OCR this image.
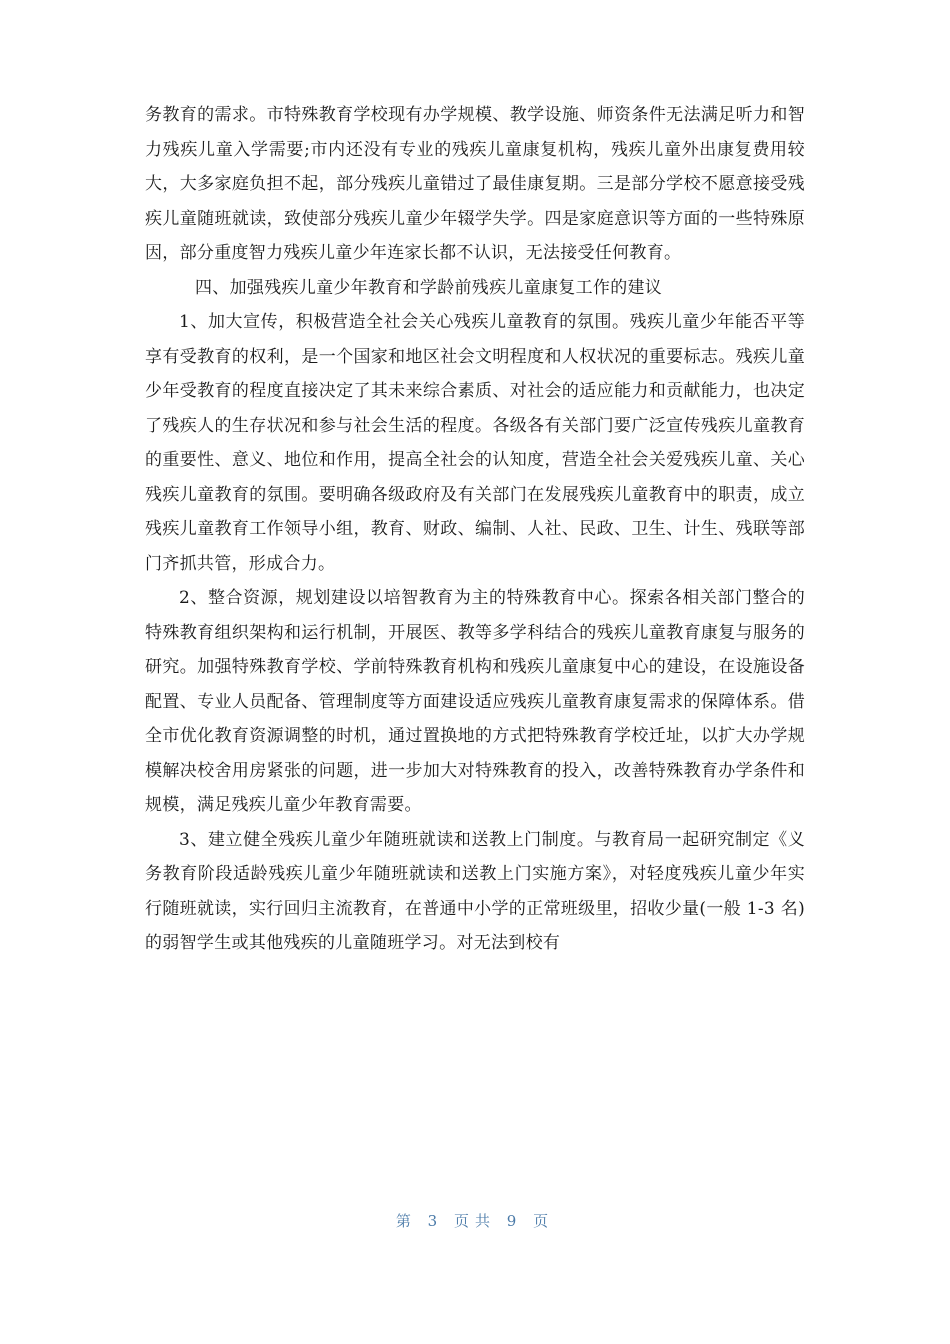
务教育的需求。市特殊教育学校现有办学规模、教学设施、师资条件无法满足听力和智力残疾儿童入学需要;市内还没有专业的残疾儿童康复机构，残疾儿童外出康复费用较大，大多家庭负担不起，部分残疾儿童错过了最佳康复期。三是部分学校不愿意接受残疾儿童随班就读，致使部分残疾儿童少年辍学失学。四是家庭意识等方面的一些特殊原因，部分重度智力残疾儿童少年连家长都不认识，无法接受任何教育。

四、加强残疾儿童少年教育和学龄前残疾儿童康复工作的建议

1、加大宣传，积极营造全社会关心残疾儿童教育的氛围。残疾儿童少年能否平等享有受教育的权利，是一个国家和地区社会文明程度和人权状况的重要标志。残疾儿童少年受教育的程度直接决定了其未来综合素质、对社会的适应能力和贡献能力，也决定了残疾人的生存状况和参与社会生活的程度。各级各有关部门要广泛宣传残疾儿童教育的重要性、意义、地位和作用，提高全社会的认知度，营造全社会关爱残疾儿童、关心残疾儿童教育的氛围。要明确各级政府及有关部门在发展残疾儿童教育中的职责，成立残疾儿童教育工作领导小组，教育、财政、编制、人社、民政、卫生、计生、残联等部门齐抓共管，形成合力。

2、整合资源，规划建设以培智教育为主的特殊教育中心。探索各相关部门整合的特殊教育组织架构和运行机制，开展医、教等多学科结合的残疾儿童教育康复与服务的研究。加强特殊教育学校、学前特殊教育机构和残疾儿童康复中心的建设，在设施设备配置、专业人员配备、管理制度等方面建设适应残疾儿童教育康复需求的保障体系。借全市优化教育资源调整的时机，通过置换地的方式把特殊教育学校迁址，以扩大办学规模解决校舍用房紧张的问题，进一步加大对特殊教育的投入，改善特殊教育办学条件和规模，满足残疾儿童少年教育需要。

3、建立健全残疾儿童少年随班就读和送教上门制度。与教育局一起研究制定《义务教育阶段适龄残疾儿童少年随班就读和送教上门实施方案》，对轻度残疾儿童少年实行随班就读，实行回归主流教育，在普通中小学的正常班级里，招收少量(一般 1-3 名)的弱智学生或其他残疾的儿童随班学习。对无法到校有

第 3 页共 9 页
